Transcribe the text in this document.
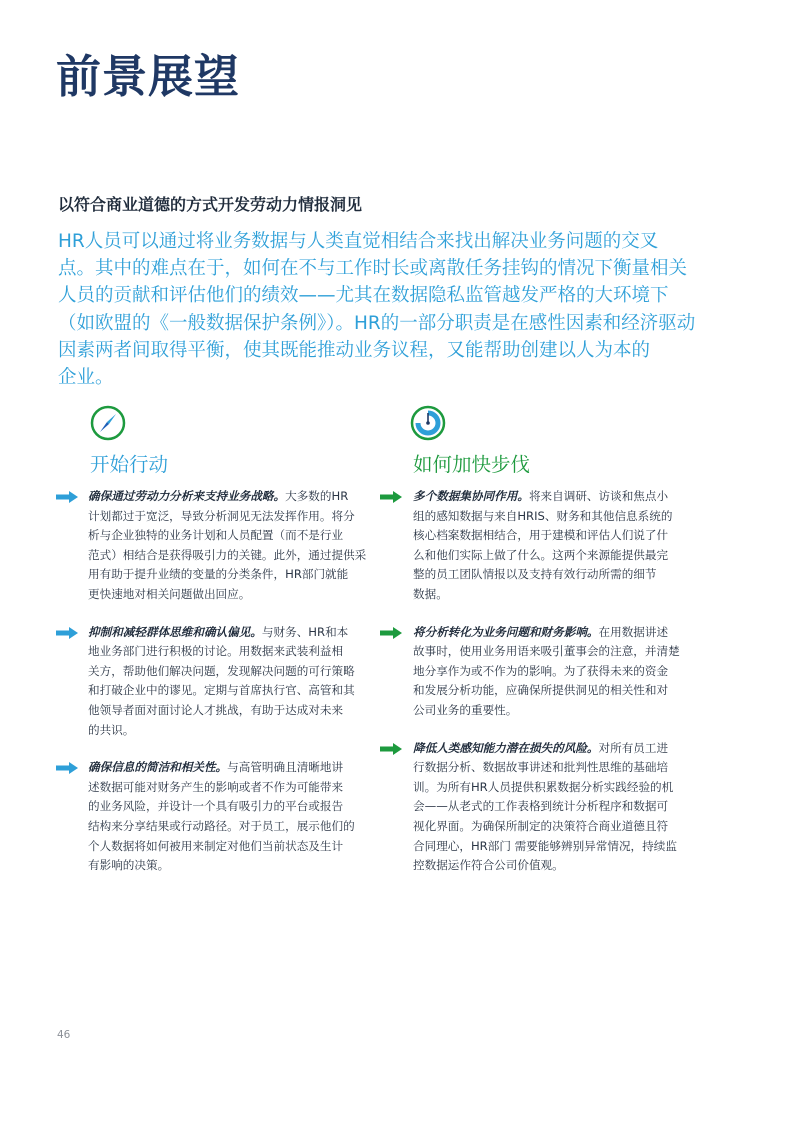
前景展望
以符合商业道德的方式开发劳动力情报洞见
HR人员可以通过将业务数据与人类直觉相结合来找出解决业务问题的交叉
点。其中的难点在于，如何在不与工作时长或离散任务挂钩的情况下衡量相关
人员的贡献和评估他们的绩效——尤其在数据隐私监管越发严格的大环境下
（如欧盟的《一般数据保护条例》）。HR的一部分职责是在感性因素和经济驱动
因素两者间取得平衡，使其既能推动业务议程，又能帮助创建以人为本的
企业。
开始行动
确保通过劳动力分析来支持业务战略。大多数的HR
计划都过于宽泛，导致分析洞见无法发挥作用。将分
析与企业独特的业务计划和人员配置（而不是行业
范式）相结合是获得吸引力的关键。此外，通过提供采
用有助于提升业绩的变量的分类条件，HR部门就能
更快速地对相关问题做出回应。
抑制和减轻群体思维和确认偏见。与财务、HR和本
地业务部门进行积极的讨论。用数据来武装利益相
关方，帮助他们解决问题，发现解决问题的可行策略
和打破企业中的谬见。定期与首席执行官、高管和其
他领导者面对面讨论人才挑战，有助于达成对未来
的共识。
确保信息的简洁和相关性。与高管明确且清晰地讲
述数据可能对财务产生的影响或者不作为可能带来
的业务风险，并设计一个具有吸引力的平台或报告
结构来分享结果或行动路径。对于员工，展示他们的
个人数据将如何被用来制定对他们当前状态及生计
有影响的决策。
如何加快步伐
多个数据集协同作用。将来自调研、访谈和焦点小
组的感知数据与来自HRIS、财务和其他信息系统的
核心档案数据相结合，用于建模和评估人们说了什
么和他们实际上做了什么。这两个来源能提供最完
整的员工团队情报以及支持有效行动所需的细节
数据。
将分析转化为业务问题和财务影响。在用数据讲述
故事时，使用业务用语来吸引董事会的注意，并清楚
地分享作为或不作为的影响。为了获得未来的资金
和发展分析功能，应确保所提供洞见的相关性和对
公司业务的重要性。
降低人类感知能力潜在损失的风险。对所有员工进
行数据分析、数据故事讲述和批判性思维的基础培
训。为所有HR人员提供积累数据分析实践经验的机
会——从老式的工作表格到统计分析程序和数据可
视化界面。为确保所制定的决策符合商业道德且符
合同理心，HR部门 需要能够辨别异常情况，持续监
控数据运作符合公司价值观。
46
